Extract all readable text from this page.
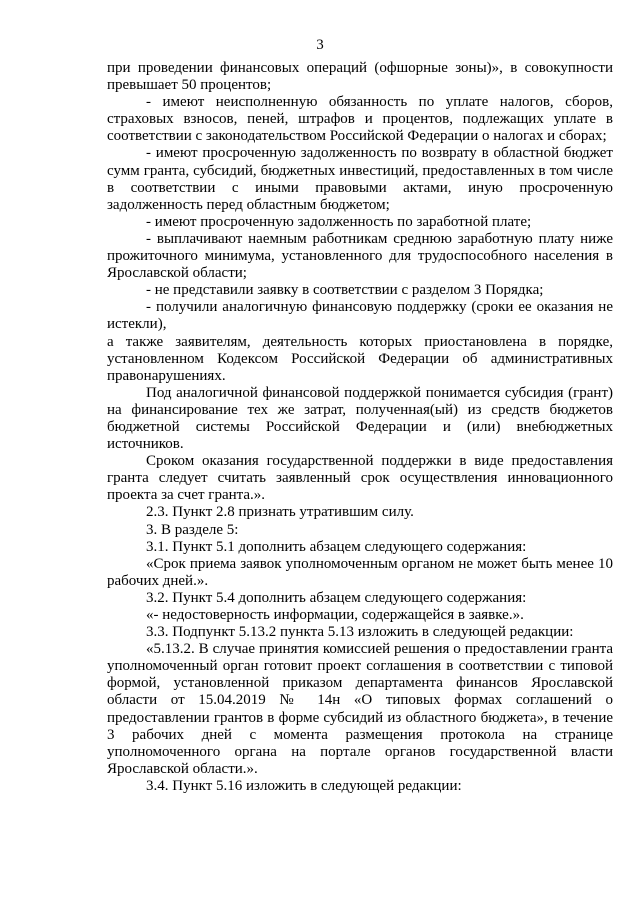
3

при проведении финансовых операций (офшорные зоны)», в совокупности превышает 50 процентов;

- имеют неисполненную обязанность по уплате налогов, сборов, страховых взносов, пеней, штрафов и процентов, подлежащих уплате в соответствии с законодательством Российской Федерации о налогах и сборах;

- имеют просроченную задолженность по возврату в областной бюджет сумм гранта, субсидий, бюджетных инвестиций, предоставленных в том числе в соответствии с иными правовыми актами, иную просроченную задолженность перед областным бюджетом;

- имеют просроченную задолженность по заработной плате;

- выплачивают наемным работникам среднюю заработную плату ниже прожиточного минимума, установленного для трудоспособного населения в Ярославской области;

- не представили заявку в соответствии с разделом 3 Порядка;

- получили аналогичную финансовую поддержку (сроки ее оказания не истекли),

а также заявителям, деятельность которых приостановлена в порядке, установленном Кодексом Российской Федерации об административных правонарушениях.

Под аналогичной финансовой поддержкой понимается субсидия (грант) на финансирование тех же затрат, полученная(ый) из средств бюджетов бюджетной системы Российской Федерации и (или) внебюджетных источников.

Сроком оказания государственной поддержки в виде предоставления гранта следует считать заявленный срок осуществления инновационного проекта за счет гранта.».

2.3. Пункт 2.8 признать утратившим силу.

3. В разделе 5:

3.1. Пункт 5.1 дополнить абзацем следующего содержания:

«Срок приема заявок уполномоченным органом не может быть менее 10 рабочих дней.».

3.2. Пункт 5.4 дополнить абзацем следующего содержания:

«- недостоверность информации, содержащейся в заявке.».

3.3. Подпункт 5.13.2 пункта 5.13 изложить в следующей редакции:

«5.13.2. В случае принятия комиссией решения о предоставлении гранта уполномоченный орган готовит проект соглашения в соответствии с типовой формой, установленной приказом департамента финансов Ярославской области от 15.04.2019 № 14н «О типовых формах соглашений о предоставлении грантов в форме субсидий из областного бюджета», в течение 3 рабочих дней с момента размещения протокола на странице уполномоченного органа на портале органов государственной власти Ярославской области.».

3.4. Пункт 5.16 изложить в следующей редакции:
